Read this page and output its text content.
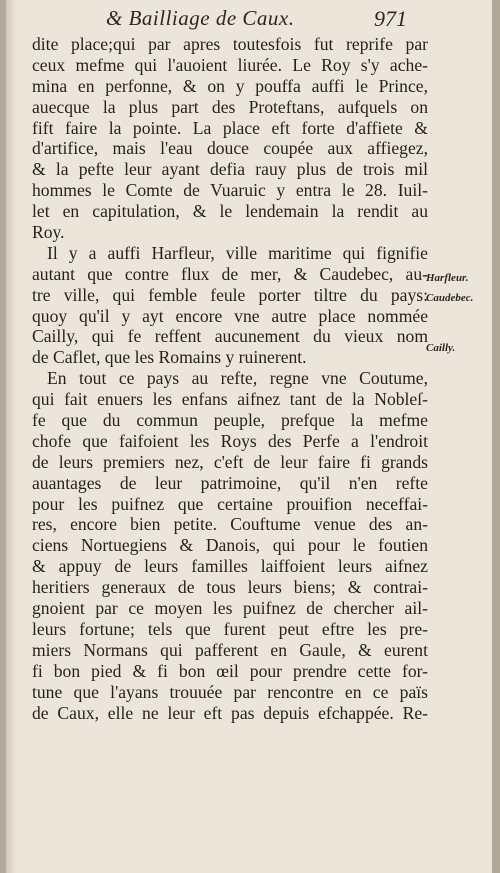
& Bailliage de Caux.	971
dite place;qui par apres toutesfois fut reprife par
ceux mefme qui l'auoient liurée. Le Roy s'y ache-
mina en perfonne, & on y pouffa auffi le Prince,
auecque la plus part des Proteftans, aufquels on
fift faire la pointe. La place eft forte d'affiete &
d'artifice, mais l'eau douce coupée aux affiegez,
& la pefte leur ayant defia rauy plus de trois mil
hommes le Comte de Vuaruic y entra le 28. Iuil-
let en capitulation, & le lendemain la rendit au
Roy.
Il y a auffi Harfleur, ville maritime qui fignifie
autant que contre flux de mer, & Caudebec, au-
tre ville, qui femble feule porter tiltre du pays:
quoy qu'il y ayt encore vne autre place nommée
Cailly, qui fe reffent aucunement du vieux nom
de Caflet, que les Romains y ruinerent.
En tout ce pays au refte, regne vne Coutume,
qui fait enuers les enfans aifnez tant de la Nobleſ-
fe que du commun peuple, prefque la mefme
chofe que faifoient les Roys des Perfe a l'endroit
de leurs premiers nez, c'eft de leur faire fi grands
auantages de leur patrimoine, qu'il n'en refte
pour les puifnez que certaine prouifion neceffai-
res, encore bien petite. Couftume venue des an-
ciens Nortuegiens & Danois, qui pour le foutien
& appuy de leurs familles laiffoient leurs aifnez
heritiers generaux de tous leurs biens; & contrai-
gnoient par ce moyen les puifnez de chercher ail-
leurs fortune; tels que furent peut eftre les pre-
miers Normans qui pafferent en Gaule, & eurent
fi bon pied & fi bon œil pour prendre cette for-
tune que l'ayans trouuée par rencontre en ce païs
de Caux, elle ne leur eft pas depuis efchappée. Re-
Harfleur.
Caudebec.
Cailly.
